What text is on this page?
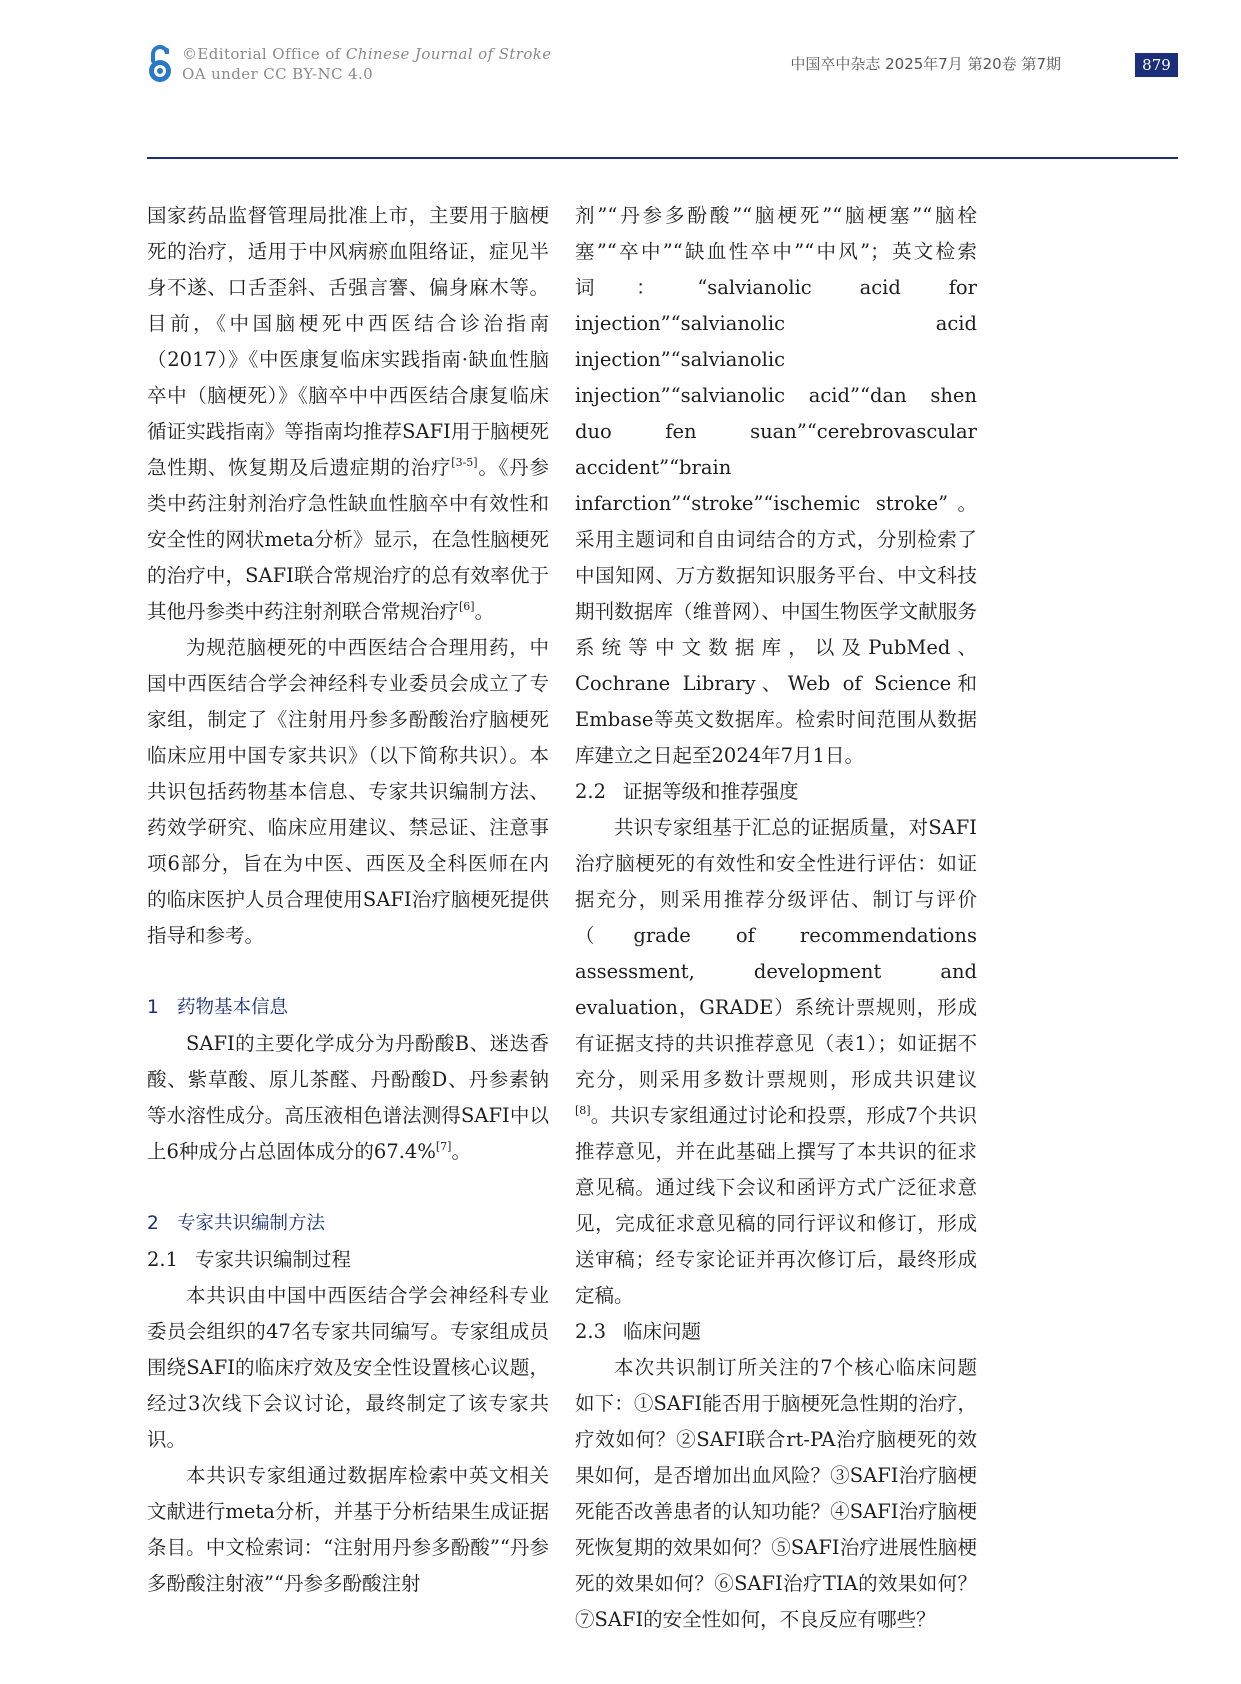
©Editorial Office of Chinese Journal of Stroke
OA under CC BY-NC 4.0
中国卒中杂志 2025年7月 第20卷 第7期	879

国家药品监督管理局批准上市，主要用于脑梗死的治疗，适用于中风病瘀血阻络证，症见半身不遂、口舌歪斜、舌强言謇、偏身麻木等。目前，《中国脑梗死中西医结合诊治指南（2017）》《中医康复临床实践指南·缺血性脑卒中（脑梗死）》《脑卒中中西医结合康复临床循证实践指南》等指南均推荐SAFI用于脑梗死急性期、恢复期及后遗症期的治疗[3-5]。《丹参类中药注射剂治疗急性缺血性脑卒中有效性和安全性的网状meta分析》显示，在急性脑梗死的治疗中，SAFI联合常规治疗的总有效率优于其他丹参类中药注射剂联合常规治疗[6]。

为规范脑梗死的中西医结合合理用药，中国中西医结合学会神经科专业委员会成立了专家组，制定了《注射用丹参多酚酸治疗脑梗死临床应用中国专家共识》（以下简称共识）。本共识包括药物基本信息、专家共识编制方法、药效学研究、临床应用建议、禁忌证、注意事项6部分，旨在为中医、西医及全科医师在内的临床医护人员合理使用SAFI治疗脑梗死提供指导和参考。

1 药物基本信息

SAFI的主要化学成分为丹酚酸B、迷迭香酸、紫草酸、原儿茶醛、丹酚酸D、丹参素钠等水溶性成分。高压液相色谱法测得SAFI中以上6种成分占总固体成分的67.4%[7]。

2 专家共识编制方法

2.1 专家共识编制过程

本共识由中国中西医结合学会神经科专业委员会组织的47名专家共同编写。专家组成员围绕SAFI的临床疗效及安全性设置核心议题，经过3次线下会议讨论，最终制定了该专家共识。

本共识专家组通过数据库检索中英文相关文献进行meta分析，并基于分析结果生成证据条目。中文检索词：“注射用丹参多酚酸”“丹参多酚酸注射液”“丹参多酚酸注射

剂”“丹参多酚酸”“脑梗死”“脑梗塞”“脑栓塞”“卒中”“缺血性卒中”“中风”；英文检索词：“salvianolic acid for injection”“salvianolic acid injection”“salvianolic injection”“salvianolic acid”“dan shen duo fen suan”“cerebrovascular accident”“brain infarction”“stroke”“ischemic stroke”。采用主题词和自由词结合的方式，分别检索了中国知网、万方数据知识服务平台、中文科技期刊数据库（维普网）、中国生物医学文献服务系统等中文数据库，以及PubMed、Cochrane Library、Web of Science和Embase等英文数据库。检索时间范围从数据库建立之日起至2024年7月1日。

2.2 证据等级和推荐强度

共识专家组基于汇总的证据质量，对SAFI治疗脑梗死的有效性和安全性进行评估：如证据充分，则采用推荐分级评估、制订与评价（grade of recommendations assessment, development and evaluation，GRADE）系统计票规则，形成有证据支持的共识推荐意见（表1）；如证据不充分，则采用多数计票规则，形成共识建议[8]。共识专家组通过讨论和投票，形成7个共识推荐意见，并在此基础上撰写了本共识的征求意见稿。通过线下会议和函评方式广泛征求意见，完成征求意见稿的同行评议和修订，形成送审稿；经专家论证并再次修订后，最终形成定稿。

2.3 临床问题

本次共识制订所关注的7个核心临床问题如下：①SAFI能否用于脑梗死急性期的治疗，疗效如何？②SAFI联合rt-PA治疗脑梗死的效果如何，是否增加出血风险？③SAFI治疗脑梗死能否改善患者的认知功能？④SAFI治疗脑梗死恢复期的效果如何？⑤SAFI治疗进展性脑梗死的效果如何？⑥SAFI治疗TIA的效果如何？⑦SAFI的安全性如何，不良反应有哪些？
